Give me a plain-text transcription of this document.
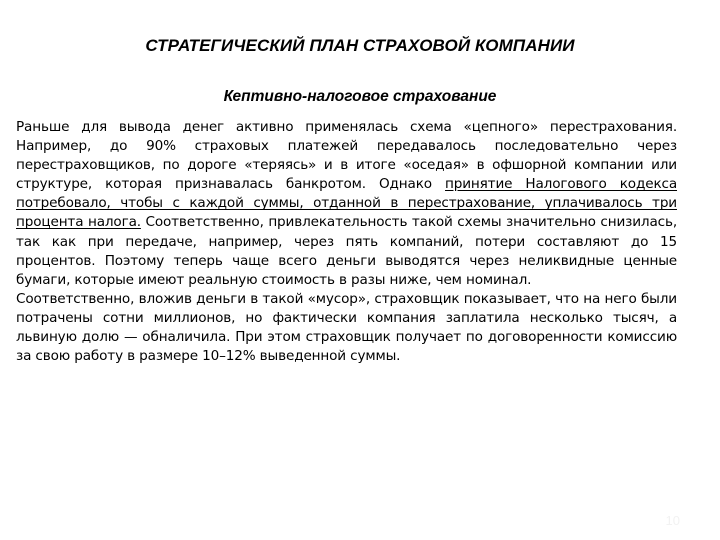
СТРАТЕГИЧЕСКИЙ ПЛАН СТРАХОВОЙ КОМПАНИИ
Кептивно-налоговое страхование

Раньше для вывода денег активно применялась схема «цепного» перестрахования. Например, до 90% страховых платежей передавалось последовательно через перестраховщиков, по дороге «теряясь» и в итоге «оседая» в офшорной компании или структуре, которая признавалась банкротом. Однако принятие Налогового кодекса потребовало, чтобы с каждой суммы, отданной в перестрахование, уплачивалось три процента налога. Соответственно, привлекательность такой схемы значительно снизилась, так как при передаче, например, через пять компаний, потери составляют до 15 процентов. Поэтому теперь чаще всего деньги выводятся через неликвидные ценные бумаги, которые имеют реальную стоимость в разы ниже, чем номинал.

Соответственно, вложив деньги в такой «мусор», страховщик показывает, что на него были потрачены сотни миллионов, но фактически компания заплатила несколько тысяч, а львиную долю — обналичила. При этом страховщик получает по договоренности комиссию за свою работу в размере 10–12% выведенной суммы.

10
